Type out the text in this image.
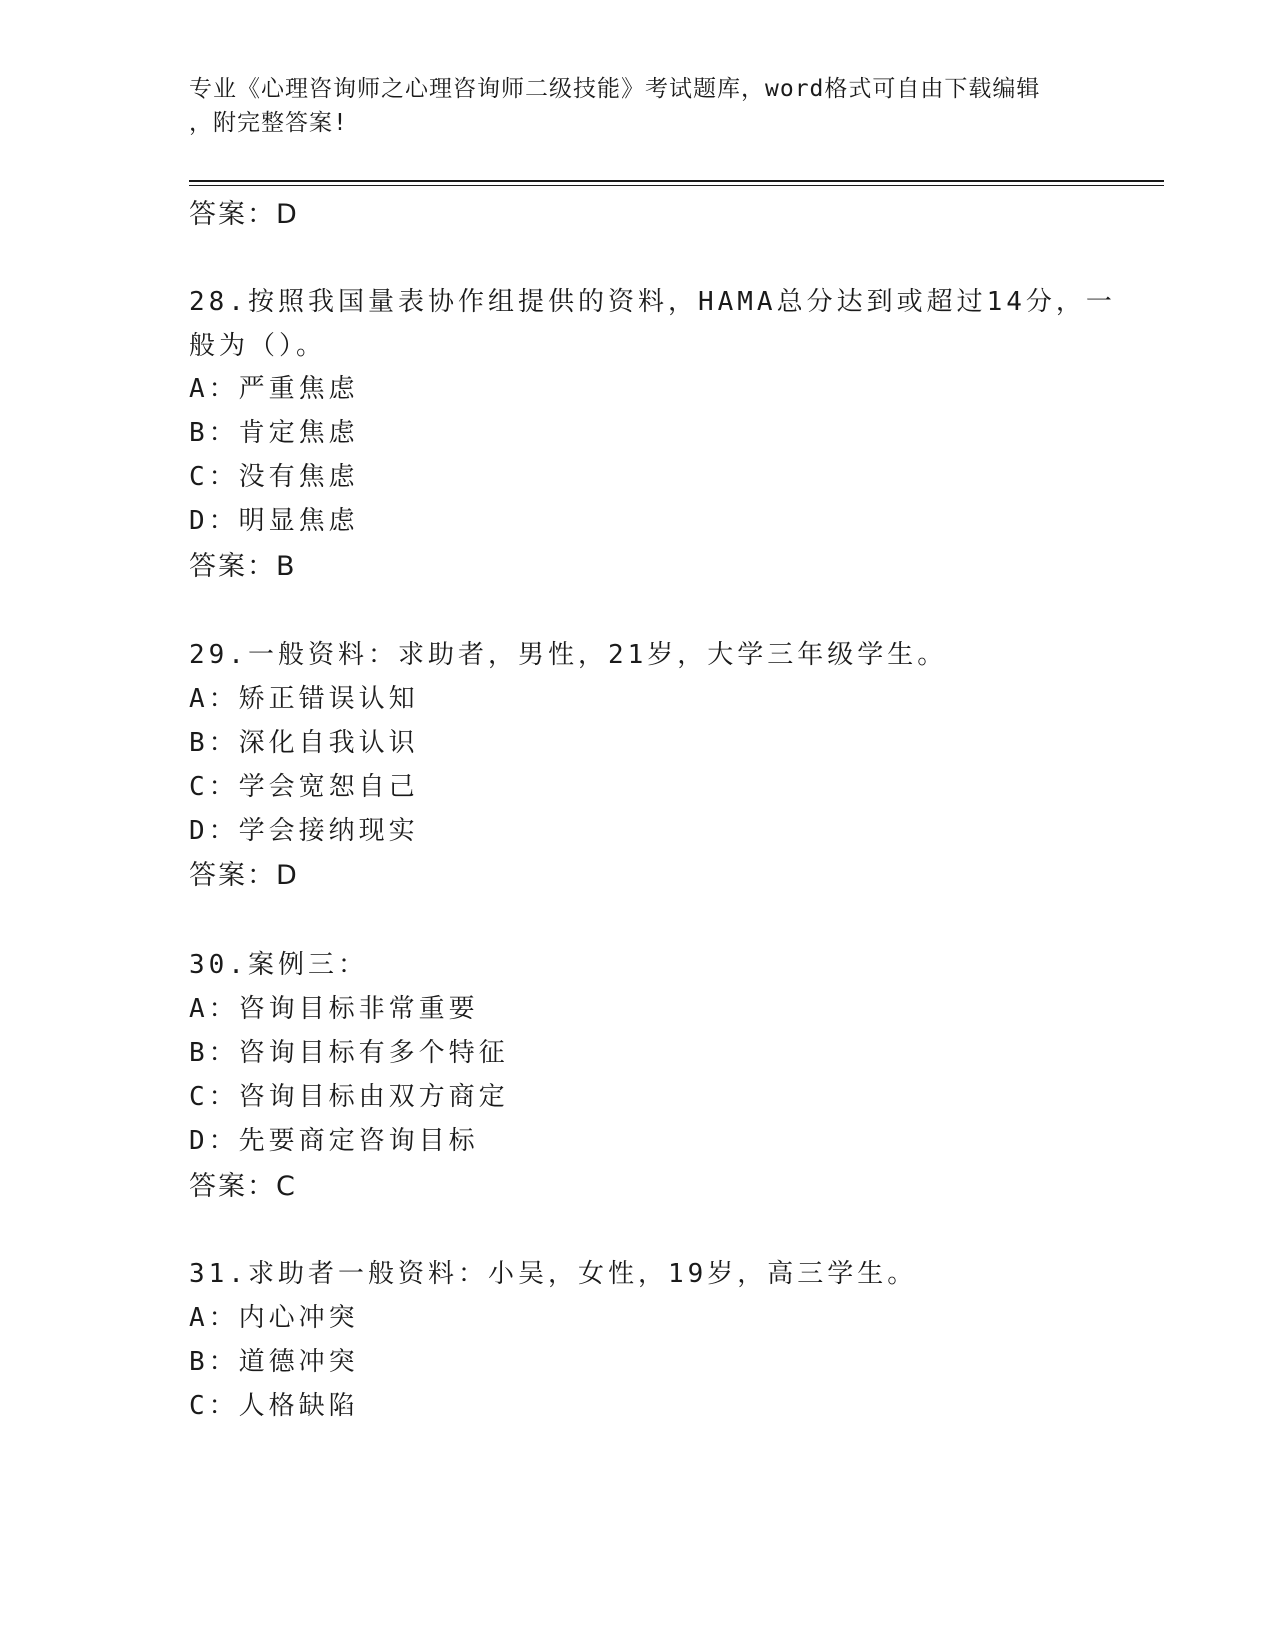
专业《心理咨询师之心理咨询师二级技能》考试题库，word格式可自由下载编辑
，附完整答案!
答案：D
28.按照我国量表协作组提供的资料，HAMA总分达到或超过14分，一
般为（）。
A：严重焦虑
B：肯定焦虑
C：没有焦虑
D：明显焦虑
答案：B
29.一般资料：求助者，男性，21岁，大学三年级学生。
A：矫正错误认知
B：深化自我认识
C：学会宽恕自己
D：学会接纳现实
答案：D
30.案例三：
A：咨询目标非常重要
B：咨询目标有多个特征
C：咨询目标由双方商定
D：先要商定咨询目标
答案：C
31.求助者一般资料：小吴，女性，19岁，高三学生。
A：内心冲突
B：道德冲突
C：人格缺陷
